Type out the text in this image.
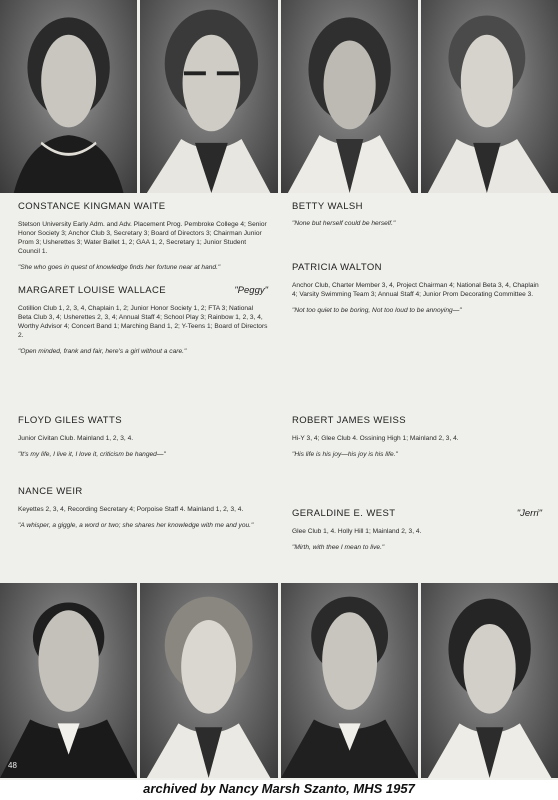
CONSTANCE KINGMAN WAITE
Stetson University Early Adm. and Adv. Placement Prog. Pembroke College 4; Senior Honor Society 3; Anchor Club 3, Secretary 3; Board of Directors 3; Chairman Junior Prom 3; Usherettes 3; Water Ballet 1, 2; GAA 1, 2, Secretary 1; Junior Student Council 1.
"She who goes in quest of knowledge finds her fortune near at hand."
MARGARET LOUISE WALLACE	"Peggy"
Cotillion Club 1, 2, 3, 4, Chaplain 1, 2; Junior Honor Society 1, 2; FTA 3; National Beta Club 3, 4; Usherettes 2, 3, 4; Annual Staff 4; School Play 3; Rainbow 1, 2, 3, 4, Worthy Advisor 4; Concert Band 1; Marching Band 1, 2; Y-Teens 1; Board of Directors 2.
"Open minded, frank and fair, here's a girl without a care."
FLOYD GILES WATTS
Junior Civitan Club. Mainland 1, 2, 3, 4.
"It's my life, I live it, I love it, criticism be hanged—"
NANCE WEIR
Keyettes 2, 3, 4, Recording Secretary 4; Porpoise Staff 4. Mainland 1, 2, 3, 4.
"A whisper, a giggle, a word or two; she shares her knowledge with me and you."
BETTY WALSH
"None but herself could be herself."
PATRICIA WALTON
Anchor Club, Charter Member 3, 4, Project Chairman 4; National Beta 3, 4, Chaplain 4; Varsity Swimming Team 3; Annual Staff 4; Junior Prom Decorating Committee 3.
"Not too quiet to be boring, Not too loud to be annoying—"
ROBERT JAMES WEISS
Hi-Y 3, 4; Glee Club 4. Ossining High 1; Mainland 2, 3, 4.
"His life is his joy—his joy is his life."
GERALDINE E. WEST	"Jerri"
Glee Club 1, 4. Holly Hill 1; Mainland 2, 3, 4.
"Mirth, with thee I mean to live."
48
archived by Nancy Marsh Szanto, MHS 1957
